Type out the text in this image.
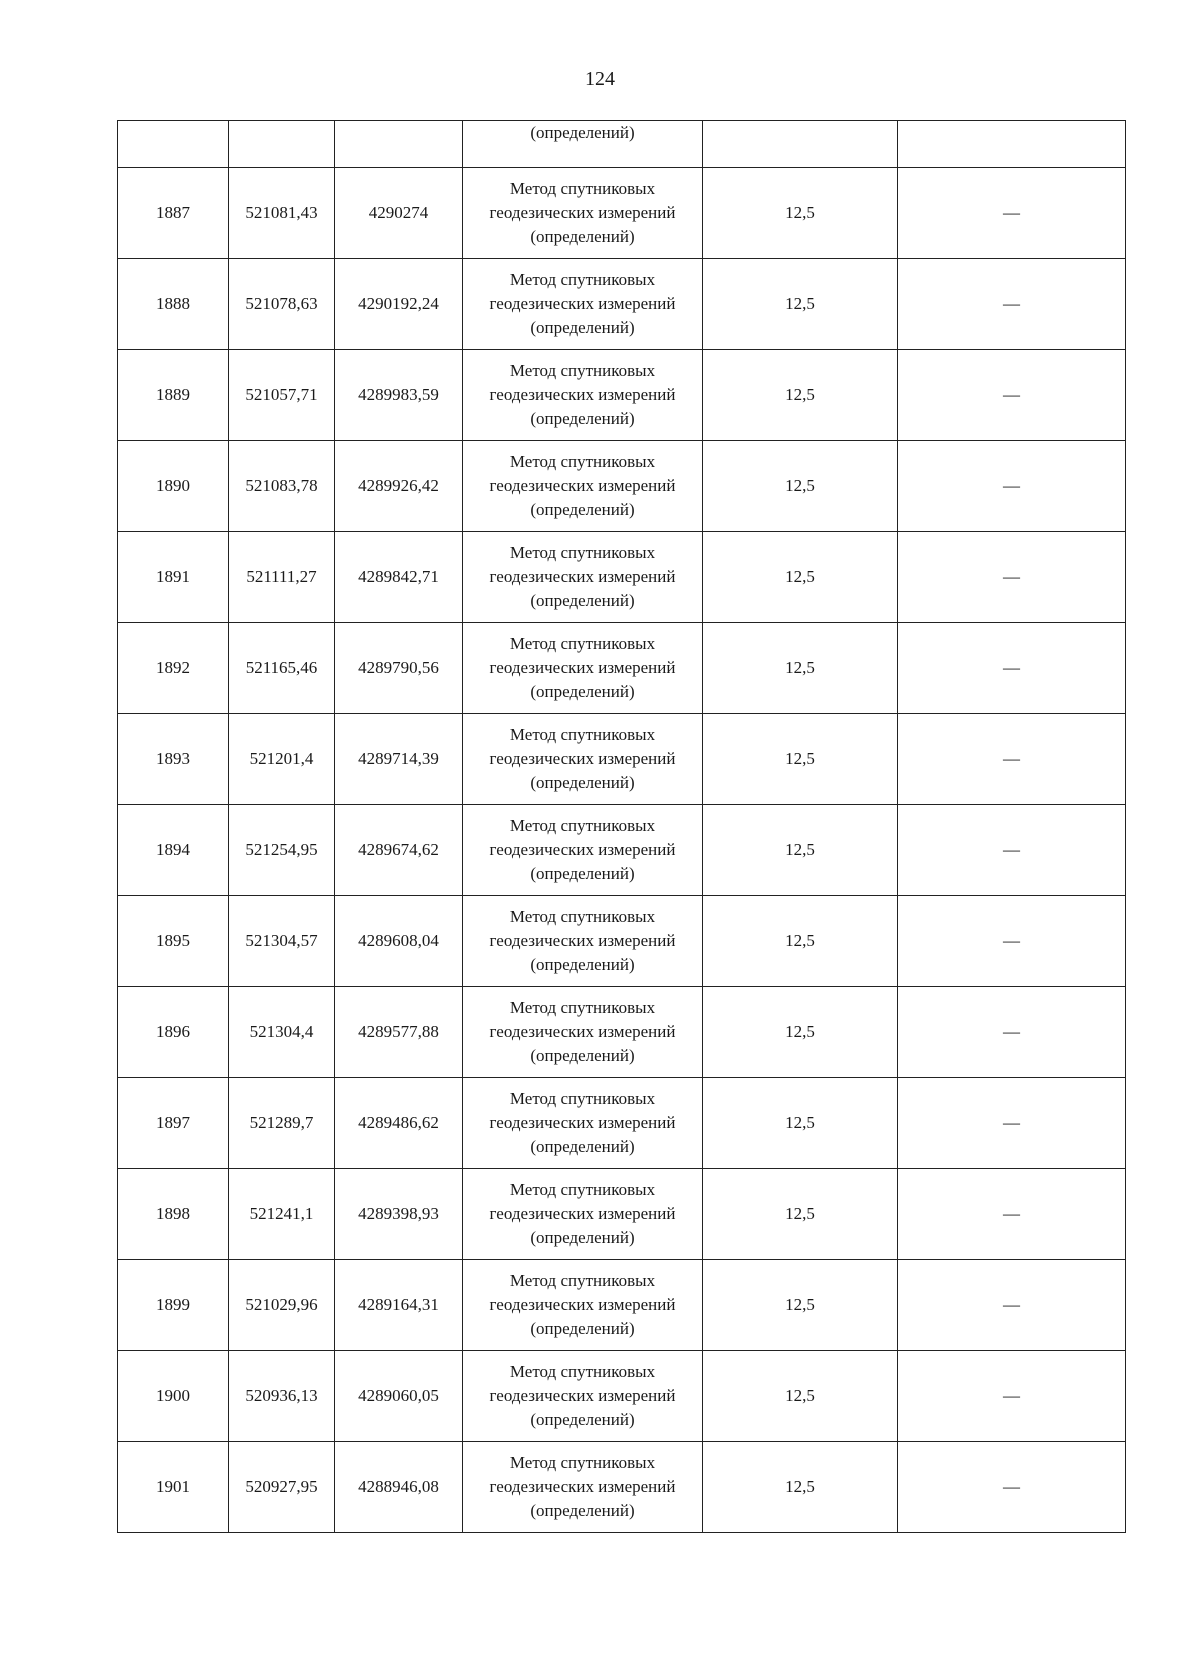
124
			(определений)		
1887	521081,43	4290274	Метод спутниковых
геодезических измерений
(определений)	12,5	—
1888	521078,63	4290192,24	Метод спутниковых
геодезических измерений
(определений)	12,5	—
1889	521057,71	4289983,59	Метод спутниковых
геодезических измерений
(определений)	12,5	—
1890	521083,78	4289926,42	Метод спутниковых
геодезических измерений
(определений)	12,5	—
1891	521111,27	4289842,71	Метод спутниковых
геодезических измерений
(определений)	12,5	—
1892	521165,46	4289790,56	Метод спутниковых
геодезических измерений
(определений)	12,5	—
1893	521201,4	4289714,39	Метод спутниковых
геодезических измерений
(определений)	12,5	—
1894	521254,95	4289674,62	Метод спутниковых
геодезических измерений
(определений)	12,5	—
1895	521304,57	4289608,04	Метод спутниковых
геодезических измерений
(определений)	12,5	—
1896	521304,4	4289577,88	Метод спутниковых
геодезических измерений
(определений)	12,5	—
1897	521289,7	4289486,62	Метод спутниковых
геодезических измерений
(определений)	12,5	—
1898	521241,1	4289398,93	Метод спутниковых
геодезических измерений
(определений)	12,5	—
1899	521029,96	4289164,31	Метод спутниковых
геодезических измерений
(определений)	12,5	—
1900	520936,13	4289060,05	Метод спутниковых
геодезических измерений
(определений)	12,5	—
1901	520927,95	4288946,08	Метод спутниковых
геодезических измерений
(определений)	12,5	—
